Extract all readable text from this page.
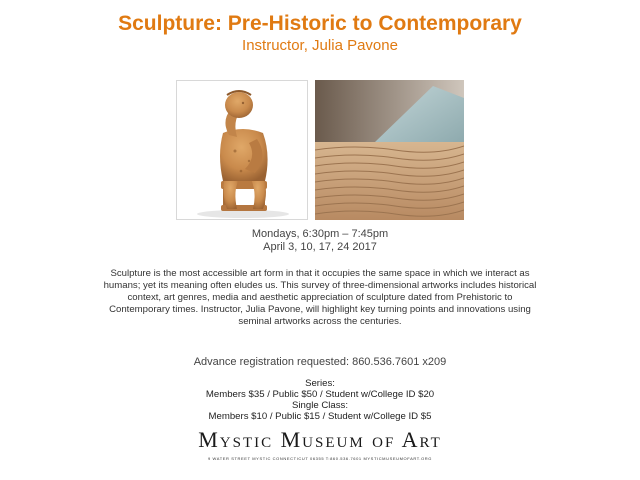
Sculpture: Pre-Historic to Contemporary
Instructor, Julia Pavone
Mondays, 6:30pm – 7:45pm
April 3, 10, 17, 24 2017
Sculpture is the most accessible art form in that it occupies the same space in which we interact as humans; yet its meaning often eludes us. This survey of three-dimensional artworks includes historical context, art genres, media and aesthetic appreciation of sculpture dated from Prehistoric to Contemporary times. Instructor, Julia Pavone, will highlight key turning points and innovations using seminal artworks across the centuries.
Advance registration requested: 860.536.7601 x209
Series:
Members $35 / Public $50 / Student w/College ID $20
Single Class:
Members $10 / Public $15 / Student w/College ID $5
Mystic Museum of Art
9 WATER STREET MYSTIC CONNECTICUT 06355 T:860.536.7601 MYSTICMUSEUMOFART.ORG
